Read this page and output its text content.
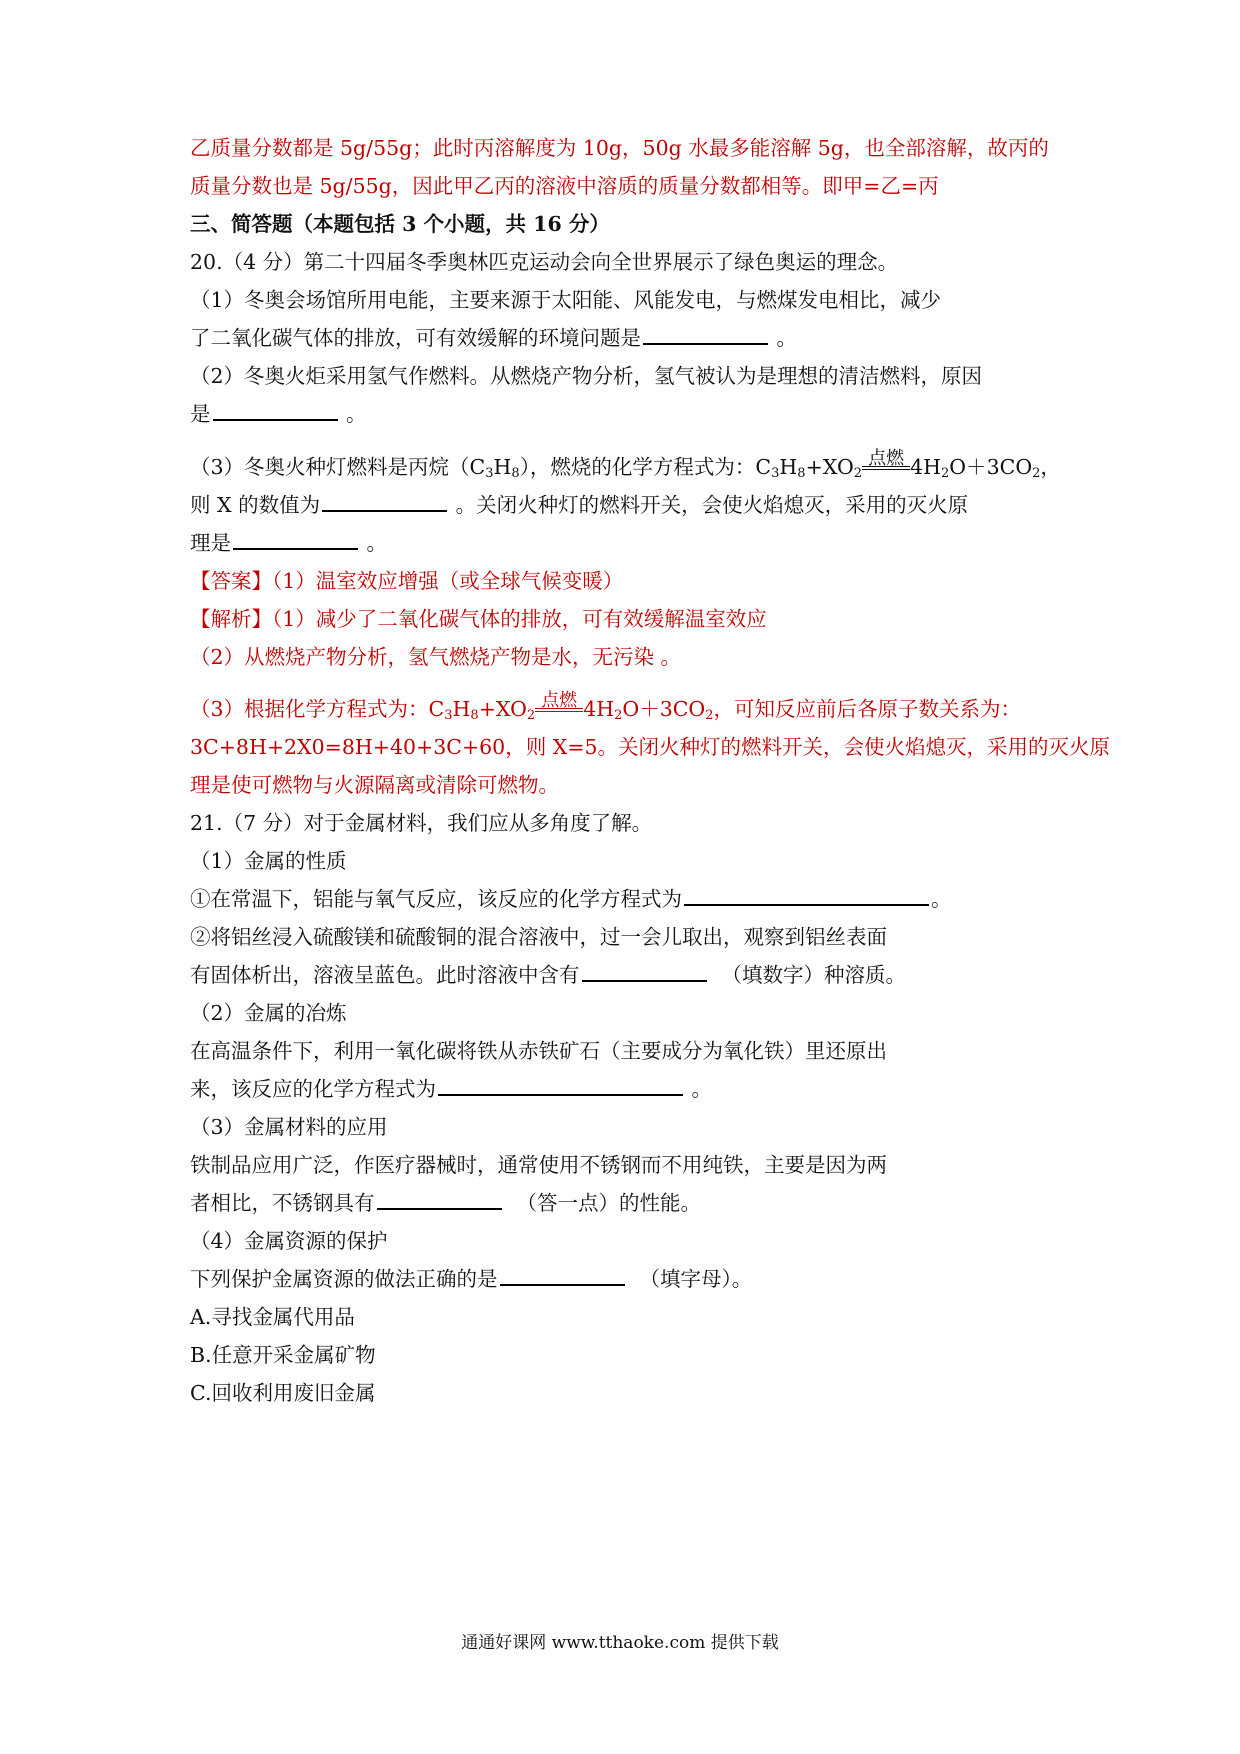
乙质量分数都是 5g/55g；此时丙溶解度为 10g，50g 水最多能溶解 5g，也全部溶解，故丙的
质量分数也是 5g/55g，因此甲乙丙的溶液中溶质的质量分数都相等。即甲=乙=丙
三、简答题（本题包括 3 个小题，共 16 分）
20.（4 分）第二十四届冬季奥林匹克运动会向全世界展示了绿色奥运的理念。
（1）冬奥会场馆所用电能，主要来源于太阳能、风能发电，与燃煤发电相比，减少
了二氧化碳气体的排放，可有效缓解的环境问题是	。
（2）冬奥火炬采用氢气作燃料。从燃烧产物分析，氢气被认为是理想的清洁燃料，原因
是	。
（3）冬奥火种灯燃料是丙烷$(C_3H_8)$，燃烧的化学方程式为：$C_3H_8+XO_2$
点燃 $4H_2O+3CO_2$，
则 X 的数值为	。关闭火种灯的燃料开关，会使火焰熄灭，采用的灭火原
理是	。
【答案】（1）温室效应增强（或全球气候变暖）
【解析】（1）减少了二氧化碳气体的排放，可有效缓解温室效应
（2）从燃烧产物分析，氢气燃烧产物是水，无污染 。
（3）根据化学方程式为：$C_3H_8+XO_2$
点燃 $4H_2O+3CO_2$，可知反应前后各原子数关系为：
3C+8H+2X0=8H+40+3C+60，则 X=5。关闭火种灯的燃料开关，会使火焰熄灭，采用的灭火原
理是使可燃物与火源隔离或清除可燃物。
21.（7 分）对于金属材料，我们应从多角度了解。
（1）金属的性质
①在常温下，铝能与氧气反应，该反应的化学方程式为	。
②将铝丝浸入硫酸镁和硫酸铜的混合溶液中，过一会儿取出，观察到铝丝表面
有固体析出，溶液呈蓝色。此时溶液中含有	（填数字）种溶质。
（2）金属的冶炼
在高温条件下，利用一氧化碳将铁从赤铁矿石（主要成分为氧化铁）里还原出
来，该反应的化学方程式为	。
（3）金属材料的应用
铁制品应用广泛，作医疗器械时，通常使用不锈钢而不用纯铁，主要是因为两
者相比，不锈钢具有	（答一点）的性能。
（4）金属资源的保护
下列保护金属资源的做法正确的是	（填字母）。
A.寻找金属代用品
B.任意开采金属矿物
C.回收利用废旧金属
通通好课网 www.tthaoke.com 提供下载
